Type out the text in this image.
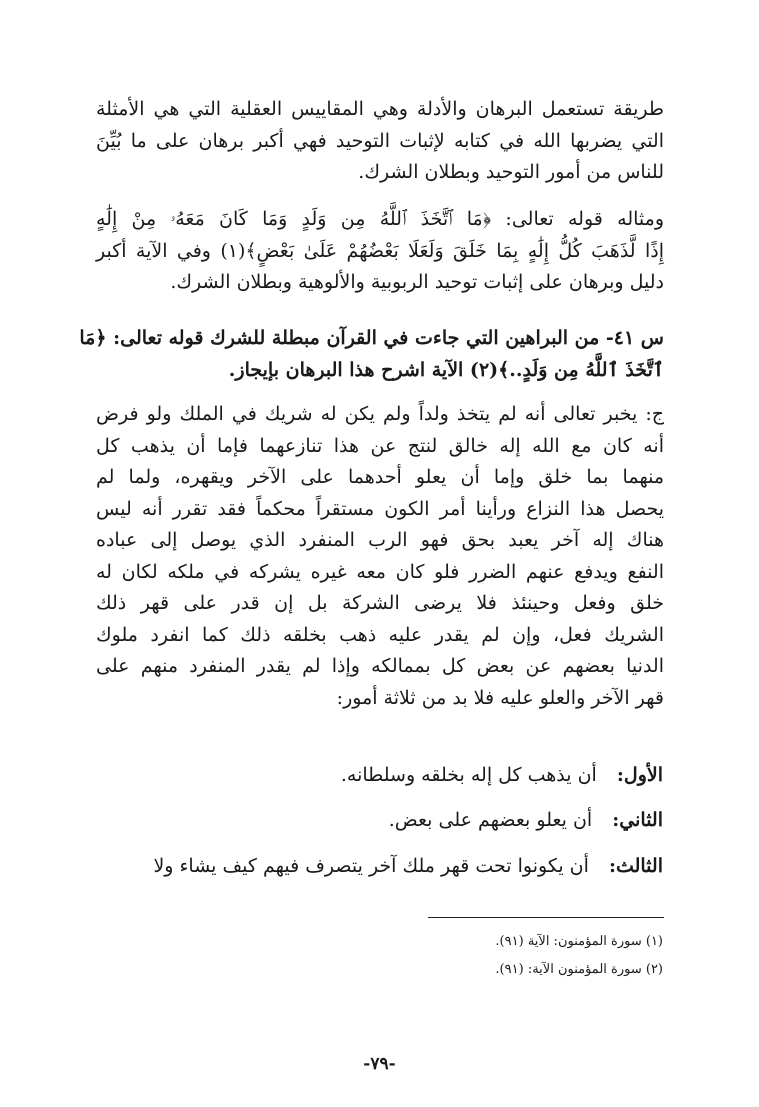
طريقة تستعمل البرهان والأدلة وهي المقاييس العقلية التي هي الأمثلة
التي يضربها الله في كتابه لإثبات التوحيد فهي أكبر برهان على ما بُيِّنَ
للناس من أمور التوحيد وبطلان الشرك.
ومثاله قوله تعالى: ﴿مَا ٱتَّخَذَ ٱللَّهُ مِن وَلَدٍ وَمَا كَانَ مَعَهُۥ مِنْ إِلَٰهٍ
إِذًا لَّذَهَبَ كُلُّ إِلَٰهٍ بِمَا خَلَقَ وَلَعَلَا بَعْضُهُمْ عَلَىٰ بَعْضٍ﴾(١) وفي الآية أكبر
دليل وبرهان على إثبات توحيد الربوبية والألوهية وبطلان الشرك.
س ٤١- من البراهين التي جاءت في القرآن مبطلة للشرك قوله تعالى: ﴿مَا
ٱتَّخَذَ ٱللَّهُ مِن وَلَدٍ..﴾(٢) الآية اشرح هذا البرهان بإيجاز.
ج: يخبر تعالى أنه لم يتخذ ولداً ولم يكن له شريك في الملك ولو فرض
أنه كان مع الله إله خالق لنتج عن هذا تنازعهما فإما أن يذهب كل
منهما بما خلق وإما أن يعلو أحدهما على الآخر ويقهره، ولما لم
يحصل هذا النزاع ورأينا أمر الكون مستقراً محكماً فقد تقرر أنه ليس
هناك إله آخر يعبد بحق فهو الرب المنفرد الذي يوصل إلى عباده
النفع ويدفع عنهم الضرر فلو كان معه غيره يشركه في ملكه لكان له
خلق وفعل وحينئذ فلا يرضى الشركة بل إن قدر على قهر ذلك
الشريك فعل، وإن لم يقدر عليه ذهب بخلقه ذلك كما انفرد ملوك
الدنيا بعضهم عن بعض كل بممالكه وإذا لم يقدر المنفرد منهم على
قهر الآخر والعلو عليه فلا بد من ثلاثة أمور:
الأول: أن يذهب كل إله بخلقه وسلطانه.
الثاني: أن يعلو بعضهم على بعض.
الثالث: أن يكونوا تحت قهر ملك آخر يتصرف فيهم كيف يشاء ولا
(١) سورة المؤمنون: الآية (٩١).
(٢) سورة المؤمنون الآية: (٩١).
-٧٩-
